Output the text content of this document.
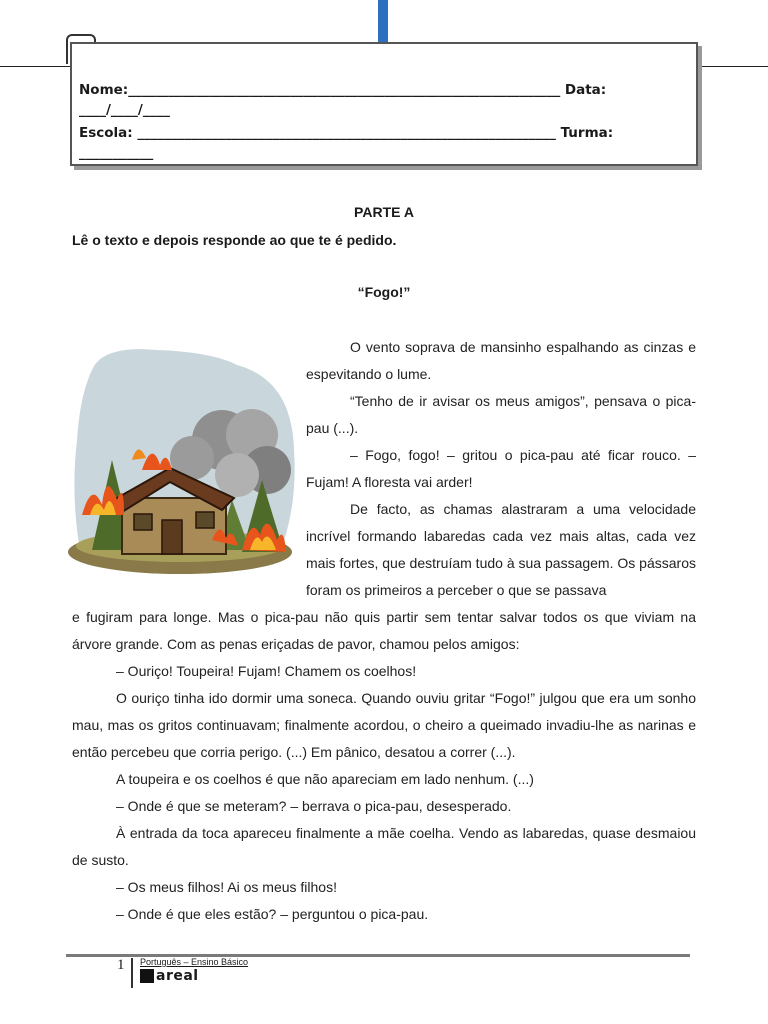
Nome:________________________________________________________________ Data:
____/____/____
Escola: ______________________________________________________________ Turma:
___________
PARTE A
Lê o texto e depois responde ao que te é pedido.
“Fogo!”

O vento soprava de mansinho espalhando as cinzas e espevitando o lume.

“Tenho de ir avisar os meus amigos”, pensava o pica-pau (...).

– Fogo, fogo! – gritou o pica-pau até ficar rouco. – Fujam! A floresta vai arder!

De facto, as chamas alastraram a uma velocidade incrível formando labaredas cada vez mais altas, cada vez mais fortes, que destruíam tudo à sua passagem. Os pássaros foram os primeiros a perceber o que se passava

e fugiram para longe. Mas o pica-pau não quis partir sem tentar salvar todos os que viviam na árvore grande. Com as penas eriçadas de pavor, chamou pelos amigos:

– Ouriço! Toupeira! Fujam! Chamem os coelhos!

O ouriço tinha ido dormir uma soneca. Quando ouviu gritar “Fogo!” julgou que era um sonho mau, mas os gritos continuavam; finalmente acordou, o cheiro a queimado invadiu-lhe as narinas e então percebeu que corria perigo. (...) Em pânico, desatou a correr (...).

A toupeira e os coelhos é que não apareciam em lado nenhum. (...)

– Onde é que se meteram? – berrava o pica-pau, desesperado.

À entrada da toca apareceu finalmente a mãe coelha. Vendo as labaredas, quase desmaiou de susto.

– Os meus filhos! Ai os meus filhos!

– Onde é que eles estão? – perguntou o pica-pau.

1 Português – Ensino Básico
areal
